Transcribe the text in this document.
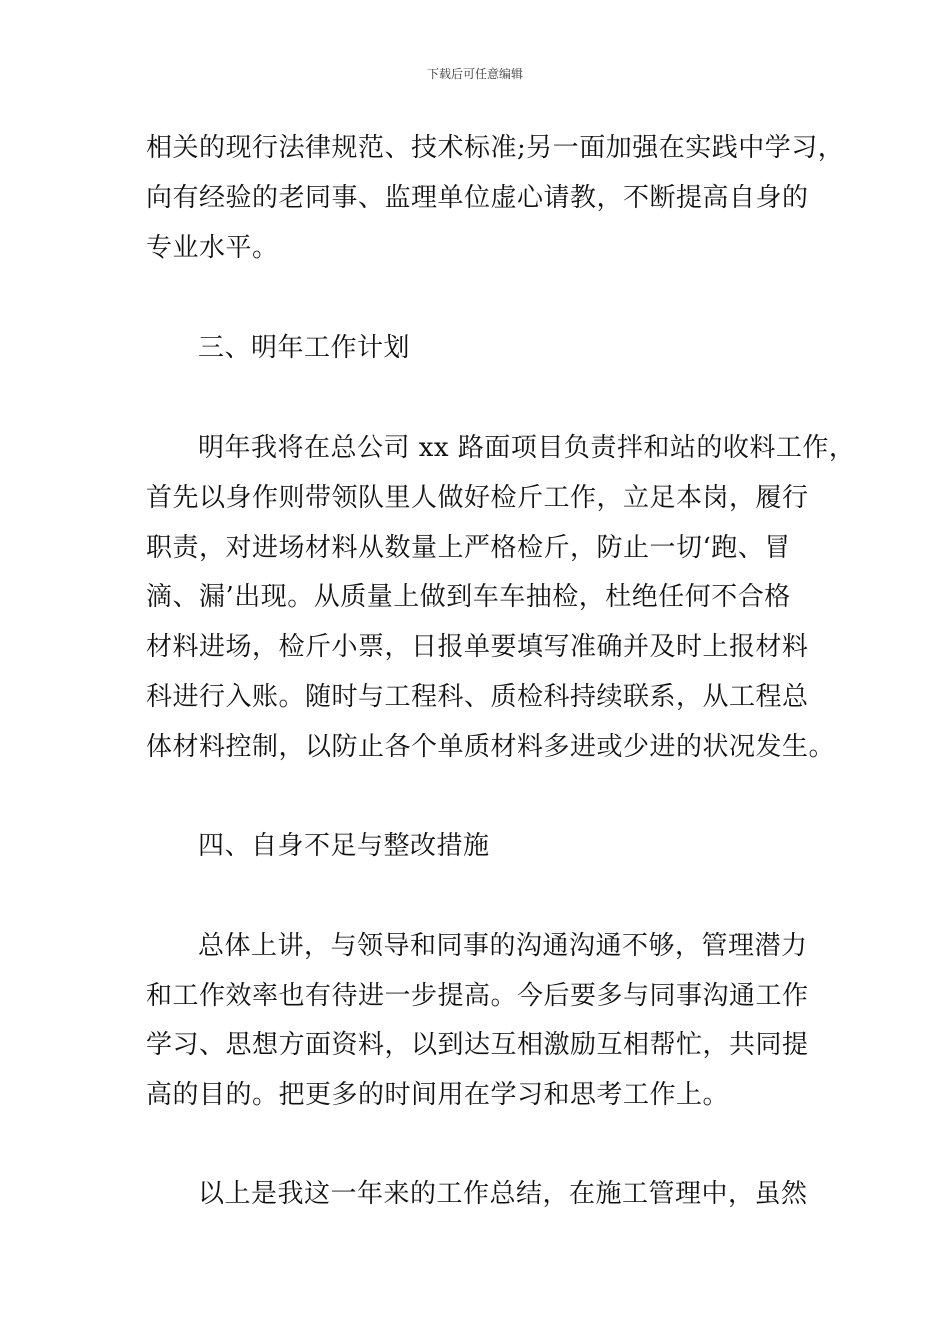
下载后可任意编辑
相关的现行法律规范、技术标准;另一面加强在实践中学习，
向有经验的老同事、监理单位虚心请教，不断提高自身的
专业水平。
三、明年工作计划
明年我将在总公司 xx 路面项目负责拌和站的收料工作，
首先以身作则带领队里人做好检斤工作，立足本岗，履行
职责，对进场材料从数量上严格检斤，防止一切‘跑、冒
滴、漏’出现。从质量上做到车车抽检，杜绝任何不合格
材料进场，检斤小票，日报单要填写准确并及时上报材料
科进行入账。随时与工程科、质检科持续联系，从工程总
体材料控制，以防止各个单质材料多进或少进的状况发生。
四、自身不足与整改措施
总体上讲，与领导和同事的沟通沟通不够，管理潜力
和工作效率也有待进一步提高。今后要多与同事沟通工作
学习、思想方面资料，以到达互相激励互相帮忙，共同提
高的目的。把更多的时间用在学习和思考工作上。
以上是我这一年来的工作总结，在施工管理中，虽然
